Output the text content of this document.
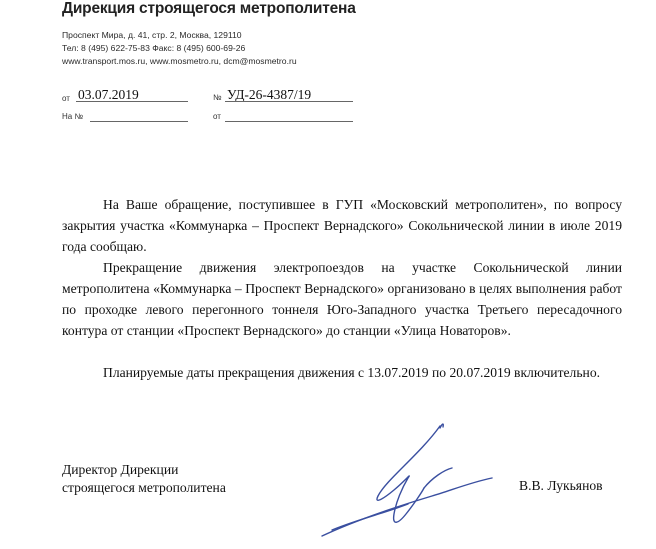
Дирекция строящегося метрополитена
Проспект Мира, д. 41, стр. 2, Москва, 129110
Тел: 8 (495) 622-75-83 Факс: 8 (495) 600-69-26
www.transport.mos.ru, www.mosmetro.ru, dcm@mosmetro.ru
от 03.07.2019	№ УД-26-4387/19
На №	от

На Ваше обращение, поступившее в ГУП «Московский метрополитен», по вопросу закрытия участка «Коммунарка – Проспект Вернадского» Сокольнической линии в июле 2019 года сообщаю.

Прекращение движения электропоездов на участке Сокольнической линии метрополитена «Коммунарка – Проспект Вернадского» организовано в целях выполнения работ по проходке левого перегонного тоннеля Юго-Западного участка Третьего пересадочного контура от станции «Проспект Вернадского» до станции «Улица Новаторов».

Планируемые даты прекращения движения с 13.07.2019 по 20.07.2019 включительно.

Директор Дирекции
строящегося метрополитена	В.В. Лукьянов
